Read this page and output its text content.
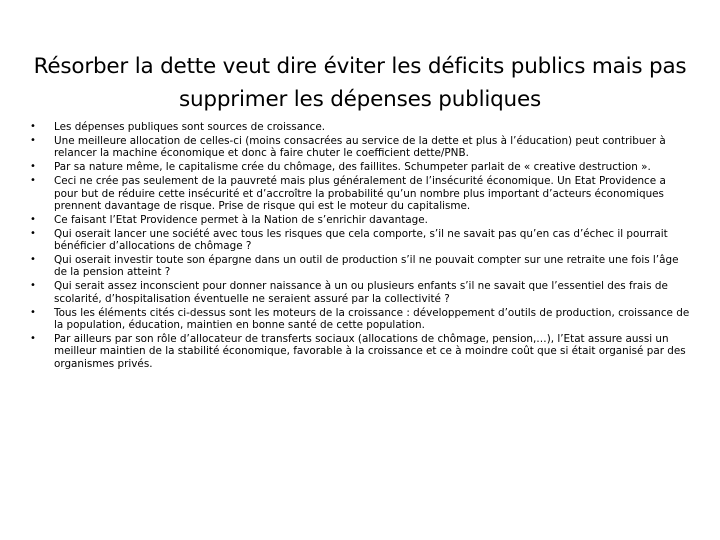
Résorber la dette veut dire éviter les déficits publics mais pas
supprimer les dépenses publiques
• Les dépenses publiques sont sources de croissance.
• Une meilleure allocation de celles-ci (moins consacrées au service de la dette et plus à l’éducation) peut contribuer à relancer la machine économique et donc à faire chuter le coefficient dette/PNB.
• Par sa nature même, le capitalisme crée du chômage, des faillites. Schumpeter parlait de « creative destruction ».
• Ceci ne crée pas seulement de la pauvreté mais plus généralement de l’insécurité économique. Un Etat Providence a pour but de réduire cette insécurité et d’accroître la probabilité qu’un nombre plus important d’acteurs économiques prennent davantage de risque. Prise de risque qui est le moteur du capitalisme.
• Ce faisant l’Etat Providence permet à la Nation de s’enrichir davantage.
• Qui oserait lancer une société avec tous les risques que cela comporte, s’il ne savait pas qu’en cas d’échec il pourrait bénéficier d’allocations de chômage ?
• Qui oserait investir toute son épargne dans un outil de production s’il ne pouvait compter sur une retraite une fois l’âge de la pension atteint ?
• Qui serait assez inconscient pour donner naissance à un ou plusieurs enfants s’il ne savait que l’essentiel des frais de scolarité, d’hospitalisation éventuelle ne seraient assuré par la collectivité ?
• Tous les éléments cités ci-dessus sont les moteurs de la croissance : développement d’outils de production, croissance de la population, éducation, maintien en bonne santé de cette population.
• Par ailleurs par son rôle d’allocateur de transferts sociaux (allocations de chômage, pension,…), l’Etat assure aussi un meilleur maintien de la stabilité économique, favorable à la croissance et ce à moindre coût que si était organisé par des organismes privés.
